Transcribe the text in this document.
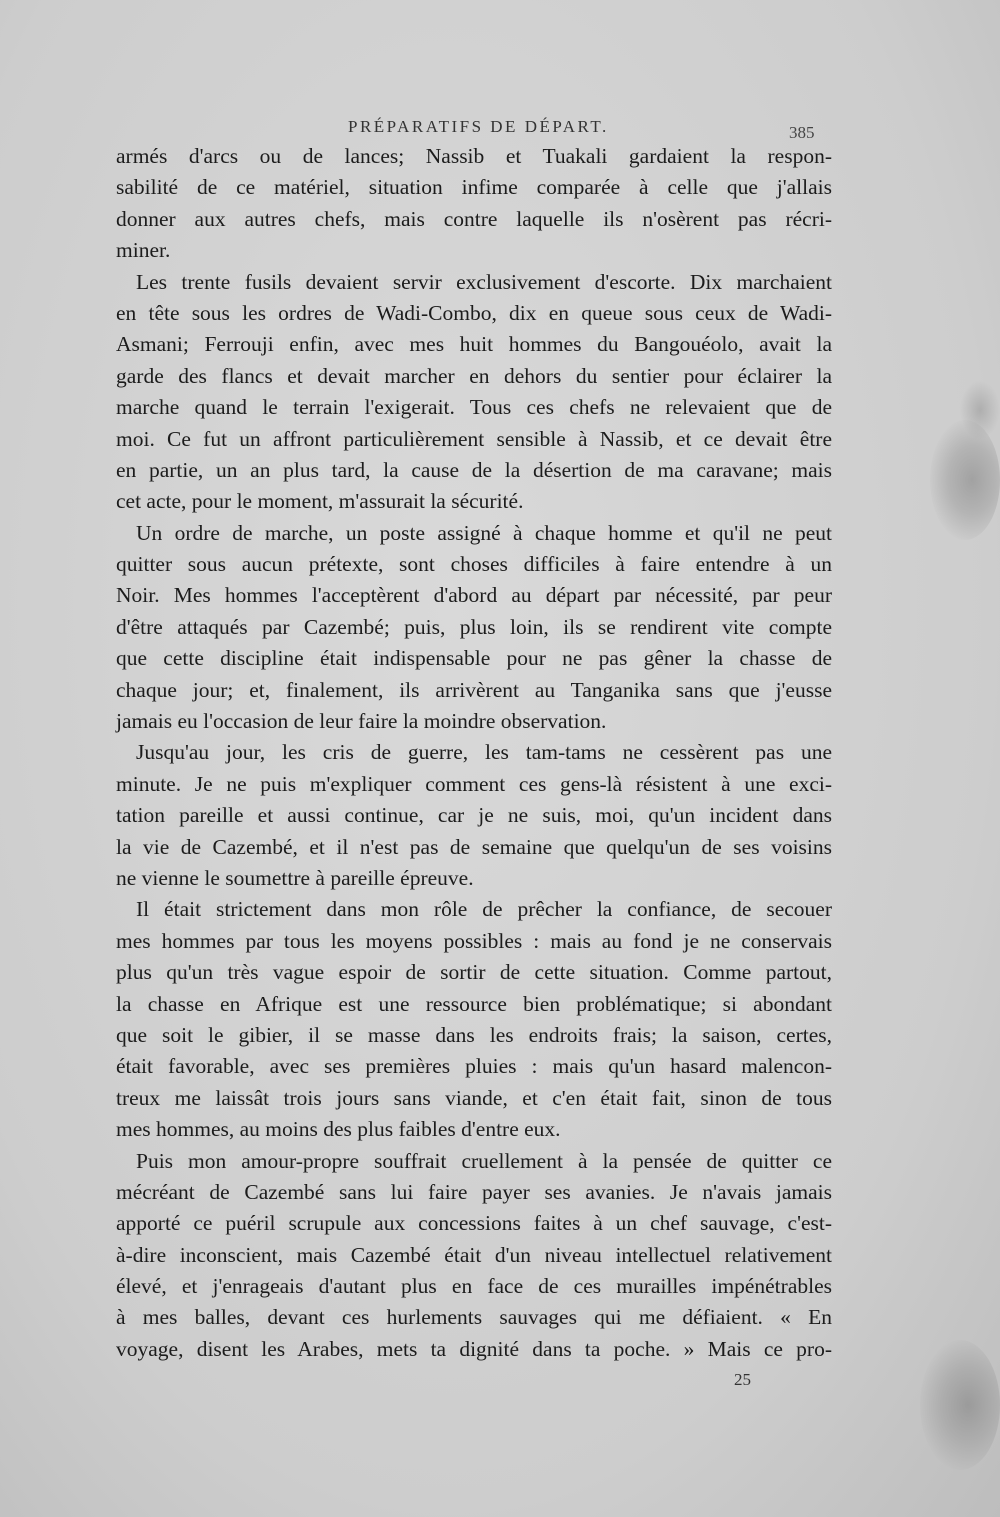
PRÉPARATIFS DE DÉPART.	385
armés d'arcs ou de lances; Nassib et Tuakali gardaient la respon-
sabilité de ce matériel, situation infime comparée à celle que j'allais
donner aux autres chefs, mais contre laquelle ils n'osèrent pas récri-
miner.
Les trente fusils devaient servir exclusivement d'escorte. Dix marchaient
en tête sous les ordres de Wadi-Combo, dix en queue sous ceux de Wadi-
Asmani; Ferrouji enfin, avec mes huit hommes du Bangouéolo, avait la
garde des flancs et devait marcher en dehors du sentier pour éclairer la
marche quand le terrain l'exigerait. Tous ces chefs ne relevaient que de
moi. Ce fut un affront particulièrement sensible à Nassib, et ce devait être
en partie, un an plus tard, la cause de la désertion de ma caravane; mais
cet acte, pour le moment, m'assurait la sécurité.
Un ordre de marche, un poste assigné à chaque homme et qu'il ne peut
quitter sous aucun prétexte, sont choses difficiles à faire entendre à un
Noir. Mes hommes l'acceptèrent d'abord au départ par nécessité, par peur
d'être attaqués par Cazembé; puis, plus loin, ils se rendirent vite compte
que cette discipline était indispensable pour ne pas gêner la chasse de
chaque jour; et, finalement, ils arrivèrent au Tanganika sans que j'eusse
jamais eu l'occasion de leur faire la moindre observation.
Jusqu'au jour, les cris de guerre, les tam-tams ne cessèrent pas une
minute. Je ne puis m'expliquer comment ces gens-là résistent à une exci-
tation pareille et aussi continue, car je ne suis, moi, qu'un incident dans
la vie de Cazembé, et il n'est pas de semaine que quelqu'un de ses voisins
ne vienne le soumettre à pareille épreuve.
Il était strictement dans mon rôle de prêcher la confiance, de secouer
mes hommes par tous les moyens possibles : mais au fond je ne conservais
plus qu'un très vague espoir de sortir de cette situation. Comme partout,
la chasse en Afrique est une ressource bien problématique; si abondant
que soit le gibier, il se masse dans les endroits frais; la saison, certes,
était favorable, avec ses premières pluies : mais qu'un hasard malencon-
treux me laissât trois jours sans viande, et c'en était fait, sinon de tous
mes hommes, au moins des plus faibles d'entre eux.
Puis mon amour-propre souffrait cruellement à la pensée de quitter ce
mécréant de Cazembé sans lui faire payer ses avanies. Je n'avais jamais
apporté ce puéril scrupule aux concessions faites à un chef sauvage, c'est-
à-dire inconscient, mais Cazembé était d'un niveau intellectuel relativement
élevé, et j'enrageais d'autant plus en face de ces murailles impénétrables
à mes balles, devant ces hurlements sauvages qui me défiaient. « En
voyage, disent les Arabes, mets ta dignité dans ta poche. » Mais ce pro-
25
